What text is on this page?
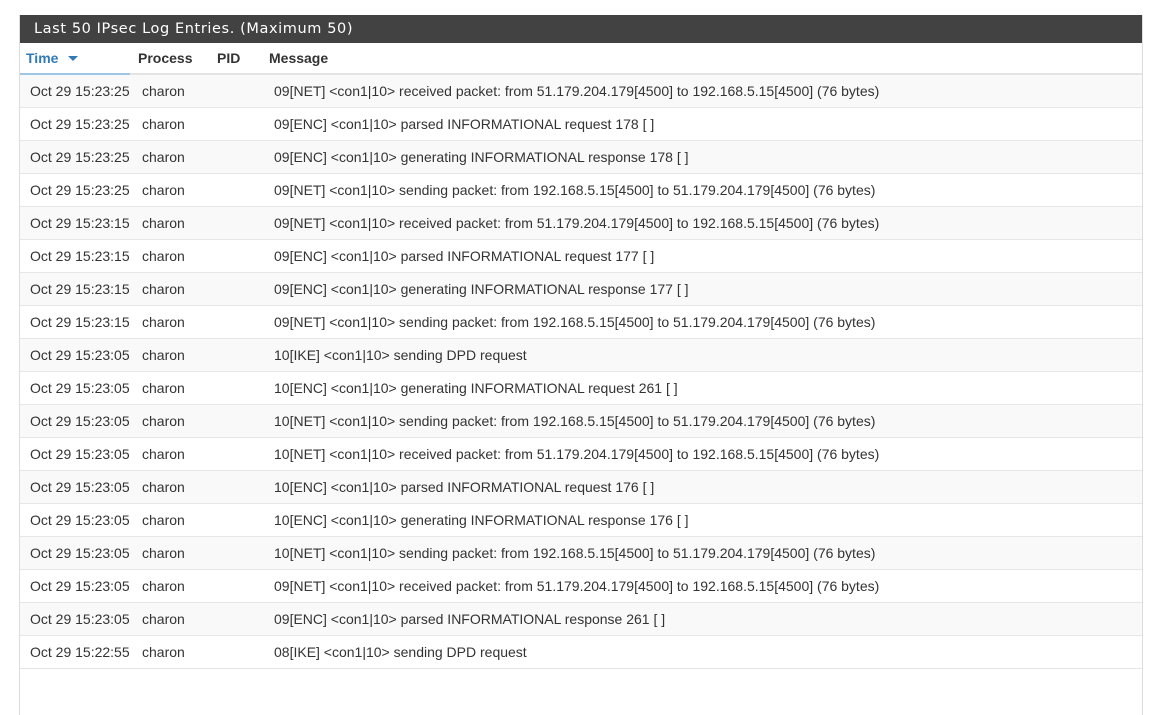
Last 50 IPsec Log Entries. (Maximum 50)
Time	Process	PID	Message
Oct 29 15:23:25	charon		09[NET] <con1|10> received packet: from 51.179.204.179[4500] to 192.168.5.15[4500] (76 bytes)
Oct 29 15:23:25	charon		09[ENC] <con1|10> parsed INFORMATIONAL request 178 [ ]
Oct 29 15:23:25	charon		09[ENC] <con1|10> generating INFORMATIONAL response 178 [ ]
Oct 29 15:23:25	charon		09[NET] <con1|10> sending packet: from 192.168.5.15[4500] to 51.179.204.179[4500] (76 bytes)
Oct 29 15:23:15	charon		09[NET] <con1|10> received packet: from 51.179.204.179[4500] to 192.168.5.15[4500] (76 bytes)
Oct 29 15:23:15	charon		09[ENC] <con1|10> parsed INFORMATIONAL request 177 [ ]
Oct 29 15:23:15	charon		09[ENC] <con1|10> generating INFORMATIONAL response 177 [ ]
Oct 29 15:23:15	charon		09[NET] <con1|10> sending packet: from 192.168.5.15[4500] to 51.179.204.179[4500] (76 bytes)
Oct 29 15:23:05	charon		10[IKE] <con1|10> sending DPD request
Oct 29 15:23:05	charon		10[ENC] <con1|10> generating INFORMATIONAL request 261 [ ]
Oct 29 15:23:05	charon		10[NET] <con1|10> sending packet: from 192.168.5.15[4500] to 51.179.204.179[4500] (76 bytes)
Oct 29 15:23:05	charon		10[NET] <con1|10> received packet: from 51.179.204.179[4500] to 192.168.5.15[4500] (76 bytes)
Oct 29 15:23:05	charon		10[ENC] <con1|10> parsed INFORMATIONAL request 176 [ ]
Oct 29 15:23:05	charon		10[ENC] <con1|10> generating INFORMATIONAL response 176 [ ]
Oct 29 15:23:05	charon		10[NET] <con1|10> sending packet: from 192.168.5.15[4500] to 51.179.204.179[4500] (76 bytes)
Oct 29 15:23:05	charon		09[NET] <con1|10> received packet: from 51.179.204.179[4500] to 192.168.5.15[4500] (76 bytes)
Oct 29 15:23:05	charon		09[ENC] <con1|10> parsed INFORMATIONAL response 261 [ ]
Oct 29 15:22:55	charon		08[IKE] <con1|10> sending DPD request
